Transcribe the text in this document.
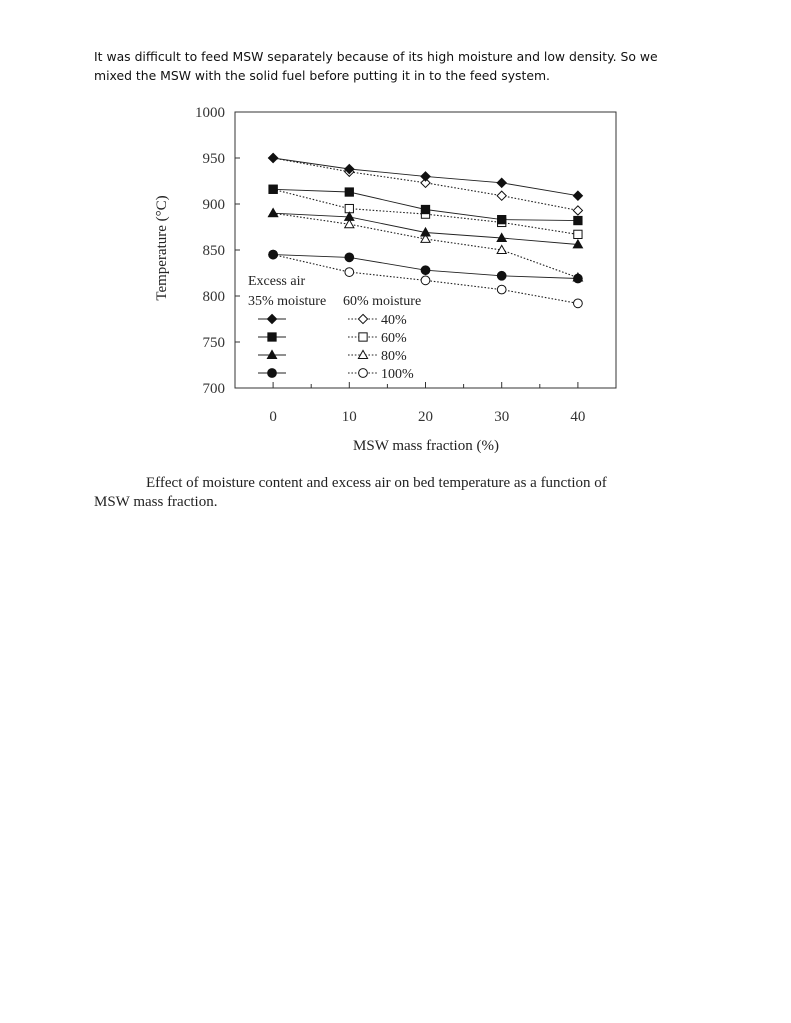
It was difficult to feed MSW separately because of its high moisture and low density. So we

mixed the MSW with the solid fuel before putting it in to the feed system.

700
750
800
850
900
950
1000
0	10	20	30	40
Excess air
35% moisture 60% moisture
40%
60%
80%
100%
Temperature (°C)
MSW mass fraction (%)
Effect of moisture content and excess air on bed temperature as a function of
MSW mass fraction.
